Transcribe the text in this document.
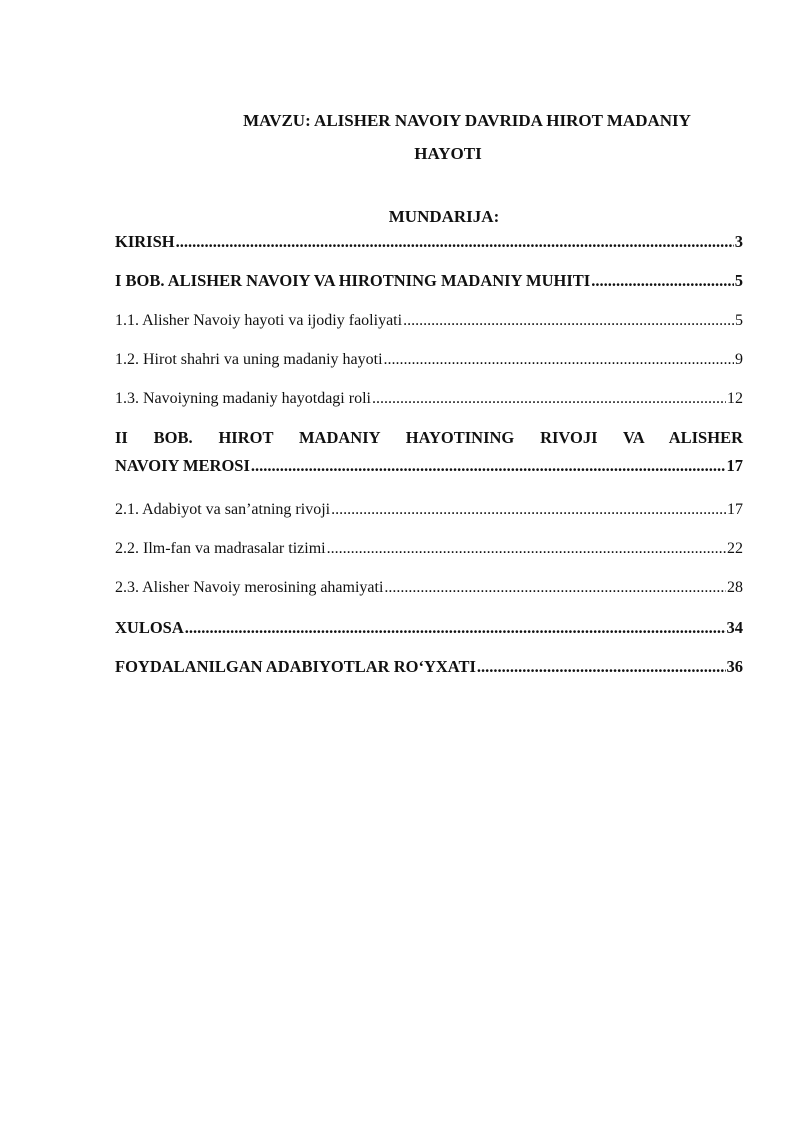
MAVZU: ALISHER NAVOIY DAVRIDA HIROT MADANIY
HAYOTI
MUNDARIJA:
KIRISH .....	3
I BOB. ALISHER NAVOIY VA HIROTNING MADANIY MUHITI .....	5
1.1. Alisher Navoiy hayoti va ijodiy faoliyati .....	5
1.2. Hirot shahri va uning madaniy hayoti .....	9
1.3. Navoiyning madaniy hayotdagi roli .....	12
II BOB. HIROT MADANIY HAYOTINING RIVOJI VA ALISHER
NAVOIY MEROSI .....	17
2.1. Adabiyot va san’atning rivoji .....	17
2.2. Ilm-fan va madrasalar tizimi .....	22
2.3. Alisher Navoiy merosining ahamiyati .....	28
XULOSA .....	34
FOYDALANILGAN ADABIYOTLAR RO‘YXATI .....	36
